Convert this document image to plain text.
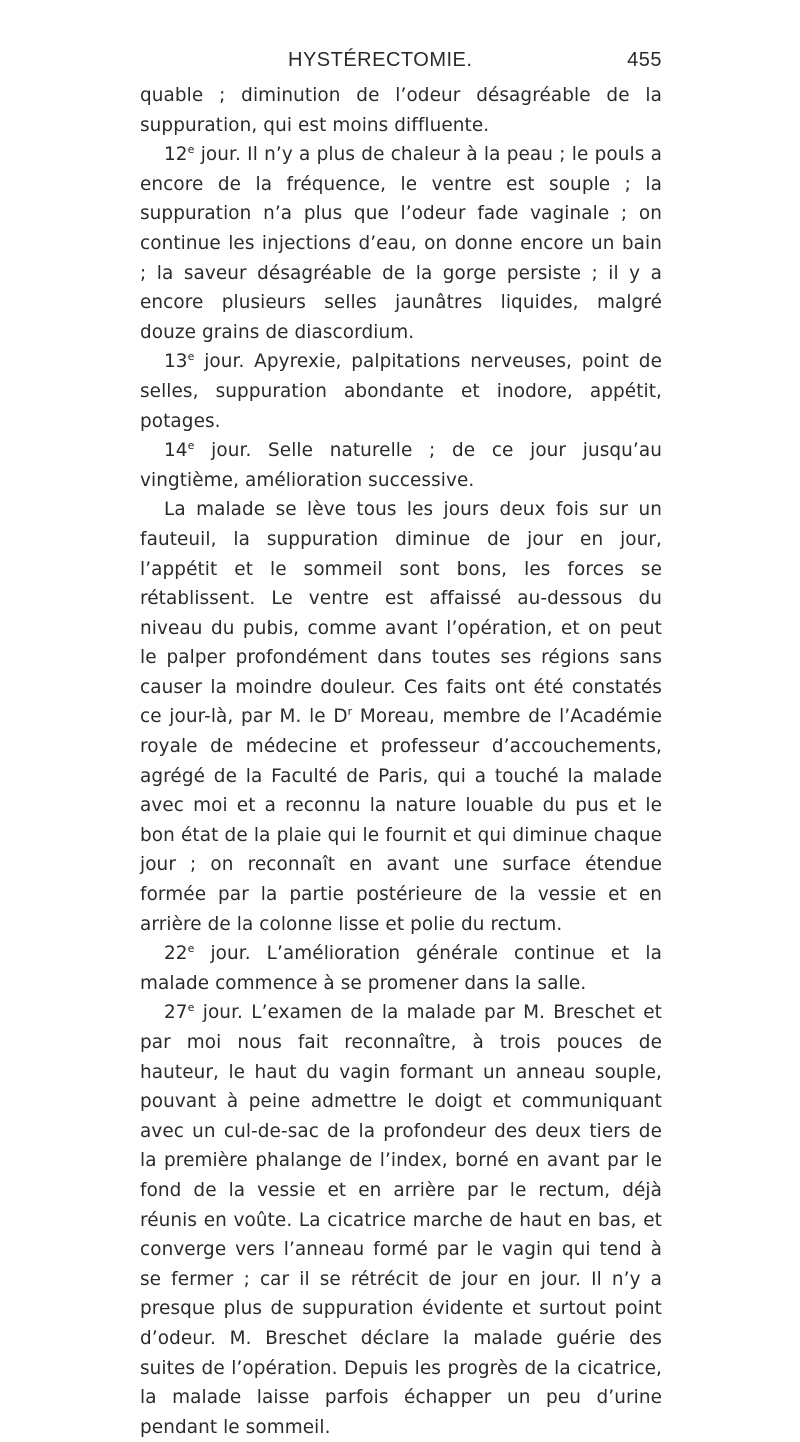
HYSTÉRECTOMIE.	455

quable ; diminution de l’odeur désagréable de la suppuration, qui est moins diffluente.

12e jour. Il n’y a plus de chaleur à la peau ; le pouls a encore de la fréquence, le ventre est souple ; la suppuration n’a plus que l’odeur fade vaginale ; on continue les injections d’eau, on donne encore un bain ; la saveur désagréable de la gorge persiste ; il y a encore plusieurs selles jaunâtres liquides, malgré douze grains de diascordium.

13e jour. Apyrexie, palpitations nerveuses, point de selles, suppuration abondante et inodore, appétit, potages.

14e jour. Selle naturelle ; de ce jour jusqu’au vingtième, amélioration successive.

La malade se lève tous les jours deux fois sur un fauteuil, la suppuration diminue de jour en jour, l’appétit et le sommeil sont bons, les forces se rétablissent. Le ventre est affaissé au-dessous du niveau du pubis, comme avant l’opération, et on peut le palper profondément dans toutes ses régions sans causer la moindre douleur. Ces faits ont été constatés ce jour-là, par M. le $D^r$ Moreau, membre de l’Académie royale de médecine et professeur d’accouchements, agrégé de la Faculté de Paris, qui a touché la malade avec moi et a reconnu la nature louable du pus et le bon état de la plaie qui le fournit et qui diminue chaque jour ; on reconnaît en avant une surface étendue formée par la partie postérieure de la vessie et en arrière de la colonne lisse et polie du rectum.

22e jour. L’amélioration générale continue et la malade commence à se promener dans la salle.

27e jour. L’examen de la malade par M. Breschet et par moi nous fait reconnaître, à trois pouces de hauteur, le haut du vagin formant un anneau souple, pouvant à peine admettre le doigt et communiquant avec un cul-de-sac de la profondeur des deux tiers de la première phalange de l’index, borné en avant par le fond de la vessie et en arrière par le rectum, déjà réunis en voûte. La cicatrice marche de haut en bas, et converge vers l’anneau formé par le vagin qui tend à se fermer ; car il se rétrécit de jour en jour. Il n’y a presque plus de suppuration évidente et surtout point d’odeur. M. Breschet déclare la malade guérie des suites de l’opération. Depuis les progrès de la cicatrice, la malade laisse parfois échapper un peu d’urine pendant le sommeil.
